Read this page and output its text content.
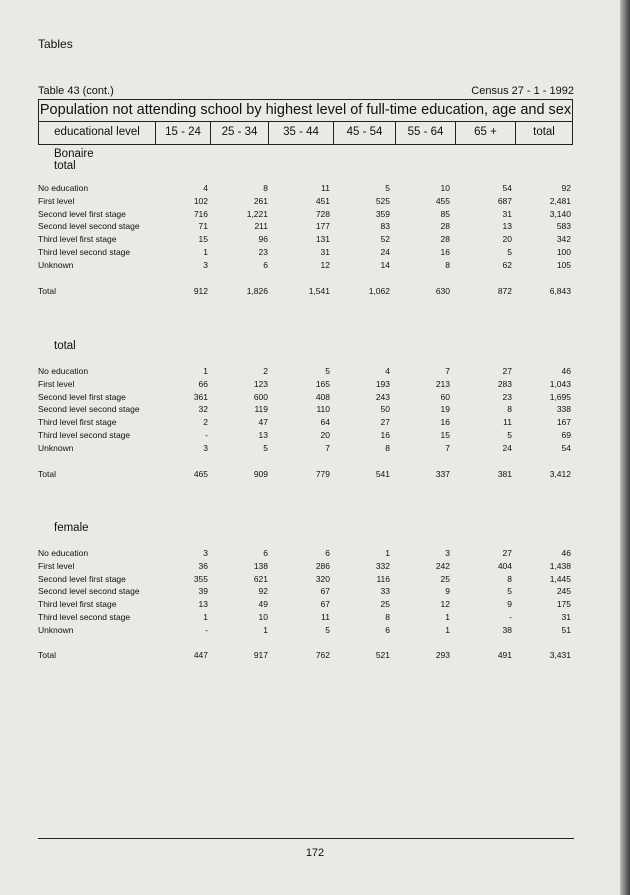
Tables
Table 43 (cont.)	Census 27 - 1 - 1992
Population not attending school by highest level of full-time education, age and sex
educational level	15 - 24	25 - 34	35 - 44	45 - 54	55 - 64	65 +	total
Bonaire
total
No education	4	8	11	5	10	54	92
First level	102	261	451	525	455	687	2,481
Second level first stage	716	1,221	728	359	85	31	3,140
Second level second stage	71	211	177	83	28	13	583
Third level first stage	15	96	131	52	28	20	342
Third level second stage	1	23	31	24	16	5	100
Unknown	3	6	12	14	8	62	105
Total	912	1,826	1,541	1,062	630	872	6,843
total
No education	1	2	5	4	7	27	46
First level	66	123	165	193	213	283	1,043
Second level first stage	361	600	408	243	60	23	1,695
Second level second stage	32	119	110	50	19	8	338
Third level first stage	2	47	64	27	16	11	167
Third level second stage	-	13	20	16	15	5	69
Unknown	3	5	7	8	7	24	54
Total	465	909	779	541	337	381	3,412
female
No education	3	6	6	1	3	27	46
First level	36	138	286	332	242	404	1,438
Second level first stage	355	621	320	116	25	8	1,445
Second level second stage	39	92	67	33	9	5	245
Third level first stage	13	49	67	25	12	9	175
Third level second stage	1	10	11	8	1	-	31
Unknown	-	1	5	6	1	38	51
Total	447	917	762	521	293	491	3,431
172
